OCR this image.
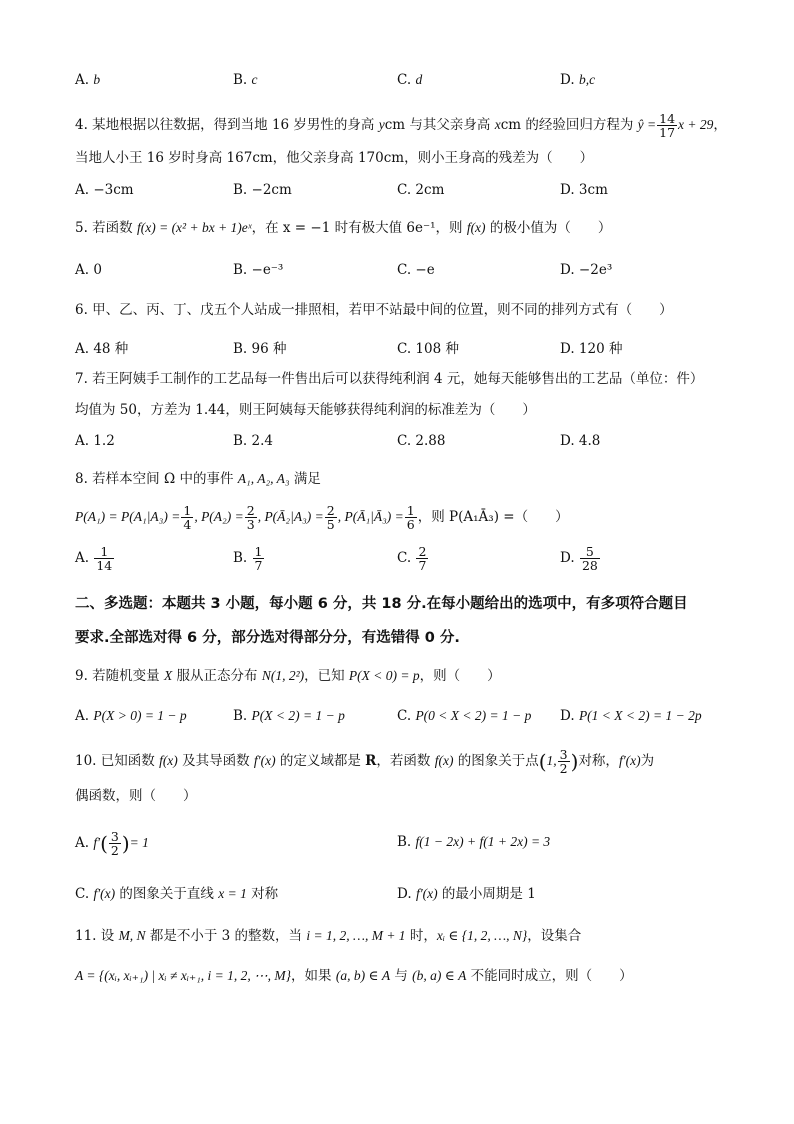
A. b	B. c	C. d	D. b,c
4. 某地根据以往数据，得到当地 16 岁男性的身高 ycm 与其父亲身高 xcm 的经验回归方程为 ŷ = $\frac{14}{17}$ x + 29，
当地人小王 16 岁时身高 167cm，他父亲身高 170cm，则小王身高的残差为（　　）
A. −3cm	B. −2cm	C. 2cm	D. 3cm
5. 若函数 f(x) = (x² + bx + 1)eˣ，在 x = −1 时有极大值 6e⁻¹，则 f(x) 的极小值为（　　）
A. 0	B. −e⁻³	C. −e	D. −2e³
6. 甲、乙、丙、丁、戊五个人站成一排照相，若甲不站最中间的位置，则不同的排列方式有（　　）
A. 48 种	B. 96 种	C. 108 种	D. 120 种
7. 若王阿姨手工制作的工艺品每一件售出后可以获得纯利润 4 元，她每天能够售出的工艺品（单位：件）
均值为 50，方差为 1.44，则王阿姨每天能够获得纯利润的标准差为（　　）
A. 1.2	B. 2.4	C. 2.88	D. 4.8
8. 若样本空间 Ω 中的事件 A₁, A₂, A₃ 满足
$P(A_1) = P(A_1|A_3) = \frac{1}{4}$ , $P(A_2) = \frac{2}{3}$ , P(Ā₂|A₃) = $\frac{2}{5}$ , P(Ā₁|Ā₃) = $\frac{1}{6}$ ，则 P(A₁Ā₃) =（　　）
A. $\frac{1}{14}$	B. $\frac{1}{7}$	C. $\frac{2}{7}$	D. $\frac{5}{28}$
二、多选题：本题共 3 小题，每小题 6 分，共 18 分.在每小题给出的选项中，有多项符合题目
要求.全部选对得 6 分，部分选对得部分分，有选错得 0 分.
9. 若随机变量 X 服从正态分布 N(1, 2²)，已知 P(X < 0) = p，则（　　）
A. P(X > 0) = 1 − p	B. P(X < 2) = 1 − p	C. P(0 < X < 2) = 1 − p D. P(1 < X < 2) = 1 − 2p
10. 已知函数 f(x) 及其导函数 f′(x) 的定义域都是 R，若函数 f(x) 的图象关于点(1, $\frac{3}{2}$ )对称，f′(x)为
偶函数，则（　　）
A. $f'( \frac{3}{2}$ )= 1	B. f(1 − 2x) + f(1 + 2x) = 3
C. f′(x) 的图象关于直线 x = 1 对称	D. f′(x) 的最小周期是 1
11. 设 M, N 都是不小于 3 的整数，当 i = 1, 2, …, M + 1 时，xᵢ ∈ {1, 2, …, N}，设集合
A = {(xᵢ, xᵢ₊₁) | xᵢ ≠ xᵢ₊₁, i = 1, 2, ⋯, M}，如果 (a, b) ∈ A 与 (b, a) ∈ A 不能同时成立，则（　　）
